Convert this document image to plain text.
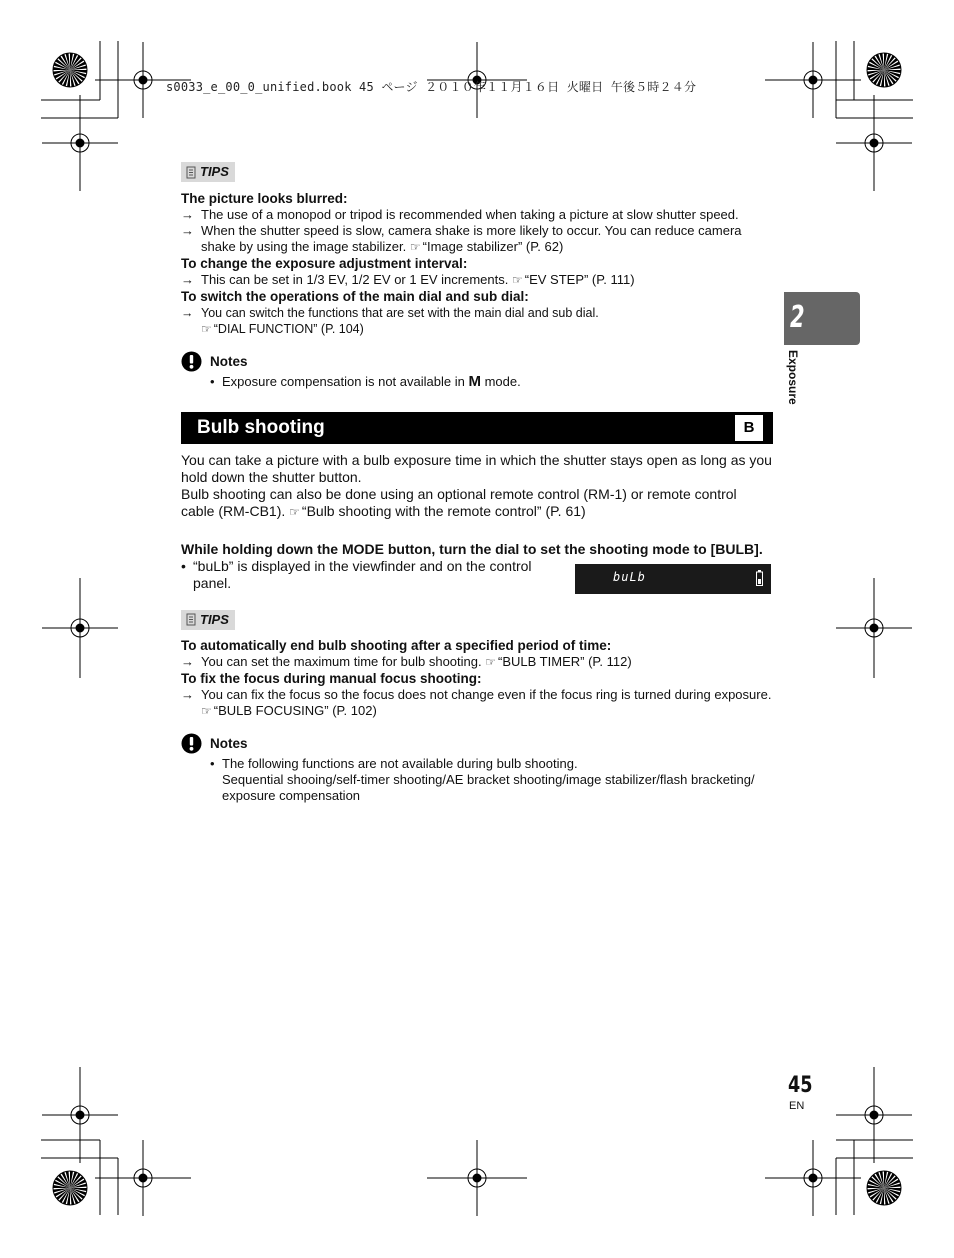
s0033_e_00_0_unified.book 45 ページ ２０１０年１１月１６日 火曜日 午後５時２４分
2
Exposure
TIPS

The picture looks blurred:

→ The use of a monopod or tripod is recommended when taking a picture at slow shutter speed.

→ When the shutter speed is slow, camera shake is more likely to occur. You can reduce camera shake by using the image stabilizer. ☞ “Image stabilizer” (P. 62)

To change the exposure adjustment interval:

→ This can be set in 1/3 EV, 1/2 EV or 1 EV increments. ☞ “EV STEP” (P. 111)

To switch the operations of the main dial and sub dial:

→ You can switch the functions that are set with the main dial and sub dial.
☞ “DIAL FUNCTION” (P. 104)

Notes

• Exposure compensation is not available in M mode.

Bulb shooting	B

You can take a picture with a bulb exposure time in which the shutter stays open as long as you hold down the shutter button.

Bulb shooting can also be done using an optional remote control (RM-1) or remote control cable (RM-CB1). ☞ “Bulb shooting with the remote control” (P. 61)

While holding down the MODE button, turn the dial to set the shooting mode to [BULB].

• “buLb” is displayed in the viewfinder and on the control panel.	buLb
TIPS

To automatically end bulb shooting after a specified period of time:

→ You can set the maximum time for bulb shooting. ☞ “BULB TIMER” (P. 112)

To fix the focus during manual focus shooting:

→ You can fix the focus so the focus does not change even if the focus ring is turned during exposure. ☞ “BULB FOCUSING” (P. 102)

Notes

• The following functions are not available during bulb shooting.

Sequential shooing/self-timer shooting/AE bracket shooting/image stabilizer/flash bracketing/ exposure compensation

45
EN
